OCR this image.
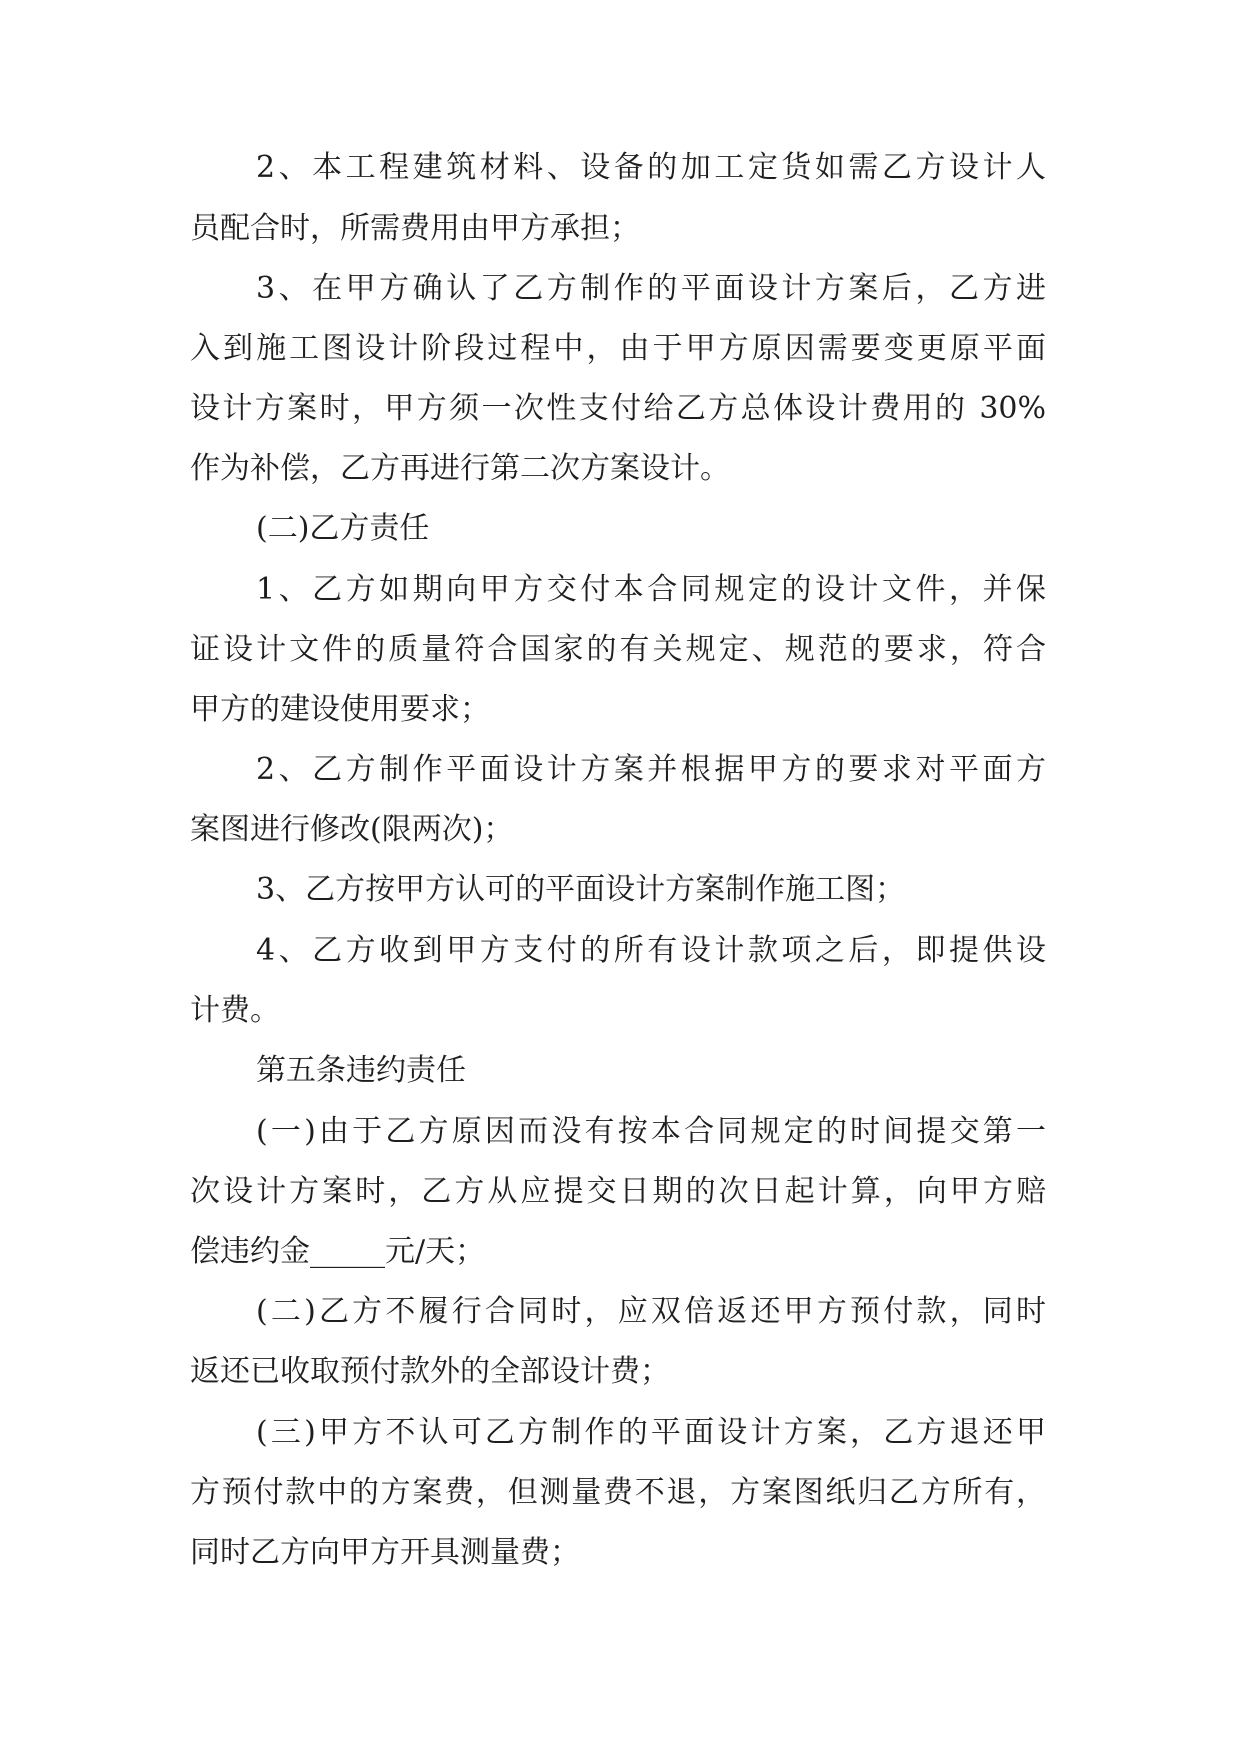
2、本工程建筑材料、设备的加工定货如需乙方设计人
员配合时，所需费用由甲方承担；
3、在甲方确认了乙方制作的平面设计方案后，乙方进
入到施工图设计阶段过程中，由于甲方原因需要变更原平面
设计方案时，甲方须一次性支付给乙方总体设计费用的 30%
作为补偿，乙方再进行第二次方案设计。
(二)乙方责任
1、乙方如期向甲方交付本合同规定的设计文件，并保
证设计文件的质量符合国家的有关规定、规范的要求，符合
甲方的建设使用要求；
2、乙方制作平面设计方案并根据甲方的要求对平面方
案图进行修改(限两次)；
3、乙方按甲方认可的平面设计方案制作施工图；
4、乙方收到甲方支付的所有设计款项之后，即提供设
计费。
第五条违约责任
(一)由于乙方原因而没有按本合同规定的时间提交第一
次设计方案时，乙方从应提交日期的次日起计算，向甲方赔
偿违约金_____元/天；
(二)乙方不履行合同时，应双倍返还甲方预付款，同时
返还已收取预付款外的全部设计费；
(三)甲方不认可乙方制作的平面设计方案，乙方退还甲
方预付款中的方案费，但测量费不退，方案图纸归乙方所有，
同时乙方向甲方开具测量费；
